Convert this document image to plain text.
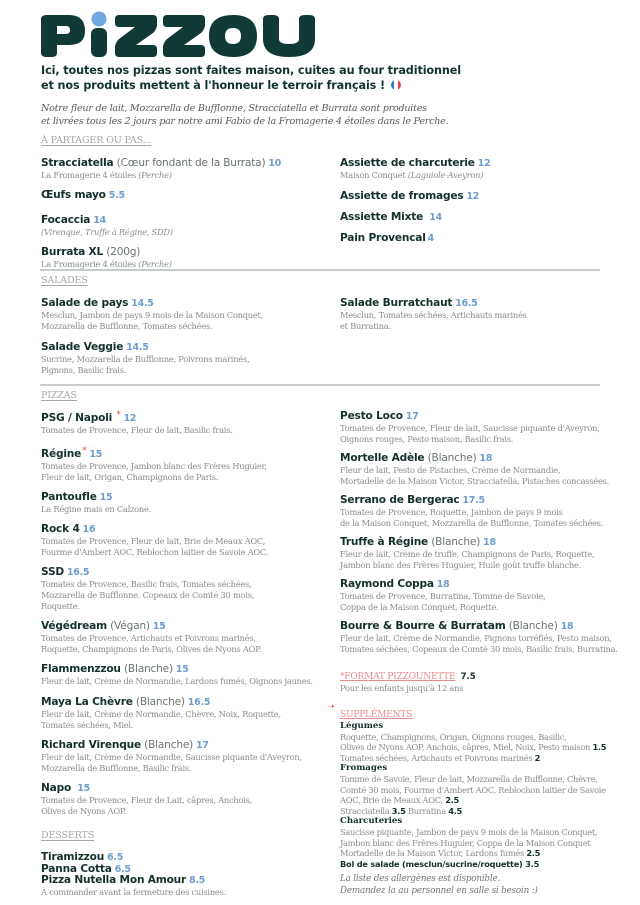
Ici, toutes nos pizzas sont faites maison, cuites au four traditionnel
et nos produits mettent à l'honneur le terroir français !
Notre fleur de lait, Mozzarella de Bufflonne, Stracciatella et Burrata sont produites
et livrées tous les 2 jours par notre ami Fabio de la Fromagerie 4 étoiles dans le Perche.
À PARTAGER OU PAS...
Stracciatella (Cœur fondant de la Burrata) 10
La Fromagerie 4 étoiles (Perche)
Œufs mayo 5.5
Focaccia 14
(Virenque, Truffe à Régine, SDD)
Burrata XL (200g)
La Fromagerie 4 étoiles (Perche)
Assiette de charcuterie 12
Maison Conquet (Laguiole-Aveyron)
Assiette de fromages 12
Assiette Mixte 14
Pain Provencal 4
SALADES
Salade de pays 14.5
Mesclun, Jambon de pays 9 mois de la Maison Conquet,
Mozzarella de Bufflonne, Tomates séchées.
Salade Veggie 14.5
Sucrine, Mozzarella de Bufflonne, Poivrons marinés,
Pignons, Basilic frais.
Salade Burratchaut 16.5
Mesclun, Tomates séchées, Artichauts marinés
et Burratina.
PIZZAS
PSG / Napoli * 12
Tomates de Provence, Fleur de lait, Basilic frais.
Régine* 15
Tomates de Provence, Jambon blanc des Frères Huguier,
Fleur de lait, Origan, Champignons de Paris.
Pantoufle 15
La Régine mais en Calzone.
Rock 4 16
Tomates de Provence, Fleur de lait, Brie de Meaux AOC,
Fourme d'Ambert AOC, Reblochon laitier de Savoie AOC.
SSD 16.5
Tomates de Provence, Basilic frais, Tomates séchées,
Mozzarella de Bufflonne. Copeaux de Comté 30 mois,
Roquette.
Végédream (Végan) 15
Tomates de Provence, Artichauts et Poivrons marinés,
Roquette, Champignons de Paris, Olives de Nyons AOP.
Flammenzzou (Blanche) 15
Fleur de lait, Crème de Normandie, Lardons fumés, Oignons jaunes.
Maya La Chèvre (Blanche) 16.5
Fleur de lait, Crème de Normandie, Chèvre, Noix, Roquette,
Tomates séchées, Miel.
Richard Virenque (Blanche) 17
Fleur de lait, Crème de Normandie, Saucisse piquante d'Aveyron,
Mozzarella de Bufflonne, Basilic frais.
Napo 15
Tomates de Provence, Fleur de Lait, câpres, Anchois,
Olives de Nyons AOP.
Pesto Loco 17
Tomates de Provence, Fleur de lait, Saucisse piquante d'Aveyron,
Oignons rouges, Pesto maison, Basilic frais.
Mortelle Adèle (Blanche) 18
Fleur de lait, Pesto de Pistaches, Crème de Normandie,
Mortadelle de la Maison Victor, Stracciatella, Pistaches concassées.
Serrano de Bergerac 17.5
Tomates de Provence, Roquette, Jambon de pays 9 mois
de la Maison Conquet, Mozzarella de Bufflonne, Tomates séchées.
Truffe à Régine (Blanche) 18
Fleur de lait, Crème de truffe, Champignons de Paris, Roquette,
Jambon blanc des Frères Huguier, Huile goût truffe blanche.
Raymond Coppa 18
Tomates de Provence, Burratina, Tomme de Savoie,
Coppa de la Maison Conquet, Roquette.
Bourre & Bourre & Burratam (Blanche) 18
Fleur de lait, Crème de Normandie, Pignons torréfiés, Pesto maison,
Tomates séchées, Copeaux de Comté 30 mois, Basilic frais, Burratina.
*FORMAT PIZZOUNETTE 7.5
Pour les enfants jusqu'à 12 ans
➝
SUPPLÉMENTS
Légumes
Roquette, Champignons, Origan, Oignons rouges, Basilic,
Olives de Nyons AOP, Anchois, câpres, Miel, Noix, Pesto maison 1.5
Tomates séchées, Artichauts et Poivrons marinés 2
Fromages
Tomme de Savoie, Fleur de lait, Mozzarella de Bufflonne, Chèvre,
Comté 30 mois, Fourme d'Ambert AOC, Reblochon laitier de Savoie
AOC, Brie de Meaux AOC, 2.5
Stracciatella 3.5 Burratina 4.5
Charcuteries
Saucisse piquante, Jambon de pays 9 mois de la Maison Conquet,
Jambon blanc des Frères Huguier, Coppa de la Maison Conquet
Mortadelle de la Maison Victor, Lardons fumés 2.5
Bol de salade (mesclun/sucrine/roquette) 3.5
La liste des allergènes est disponible.
Demandez la au personnel en salle si besoin :)
DESSERTS
Tiramizzou 6.5
Panna Cotta 6.5
Pizza Nutella Mon Amour 8.5
À commander avant la fermeture des cuisines.
